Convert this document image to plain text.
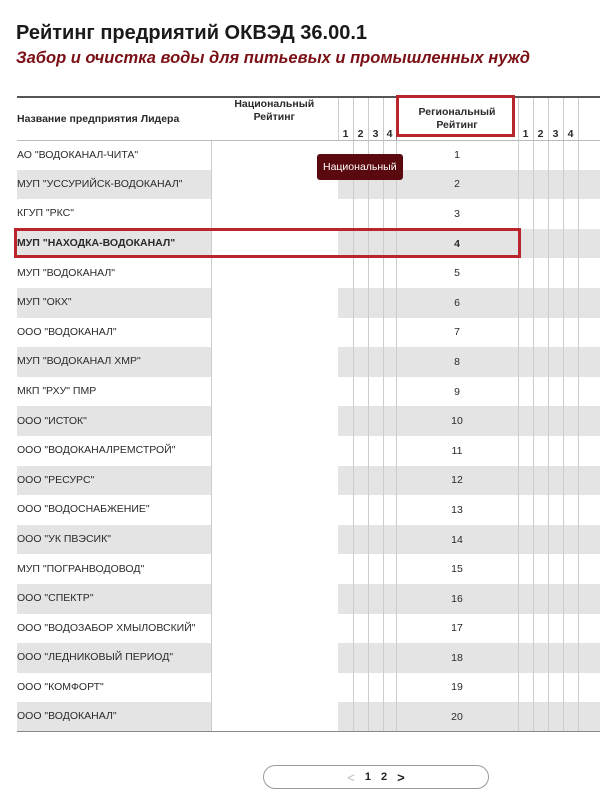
Рейтинг предриятий ОКВЭД 36.00.1
Забор и очистка воды для питьевых и промышленных нужд
Название предприятия Лидера	Национальный
Рейтинг	1	2	3	4	Региональный
Рейтинг	1	2	3	4	
АО "ВОДОКАНАЛ-ЧИТА"						1					
МУП "УССУРИЙСК-ВОДОКАНАЛ"						2					
КГУП "РКС"						3					
МУП "НАХОДКА-ВОДОКАНАЛ"						4					
МУП "ВОДОКАНАЛ"						5					
МУП "ОКХ"						6					
ООО "ВОДОКАНАЛ"						7					
МУП "ВОДОКАНАЛ ХМР"						8					
МКП "РХУ" ПМР						9					
ООО "ИСТОК"						10					
ООО "ВОДОКАНАЛРЕМСТРОЙ"						11					
ООО "РЕСУРС"						12					
ООО "ВОДОСНАБЖЕНИЕ"						13					
ООО "УК ПВЭСИК"						14					
МУП "ПОГРАНВОДОВОД"						15					
ООО "СПЕКТР"						16					
ООО "ВОДОЗАБОР ХМЫЛОВСКИЙ"						17					
ООО "ЛЕДНИКОВЫЙ ПЕРИОД"						18					
ООО "КОМФОРТ"						19					
ООО "ВОДОКАНАЛ"						20					
Национальный
< 1 2 >
